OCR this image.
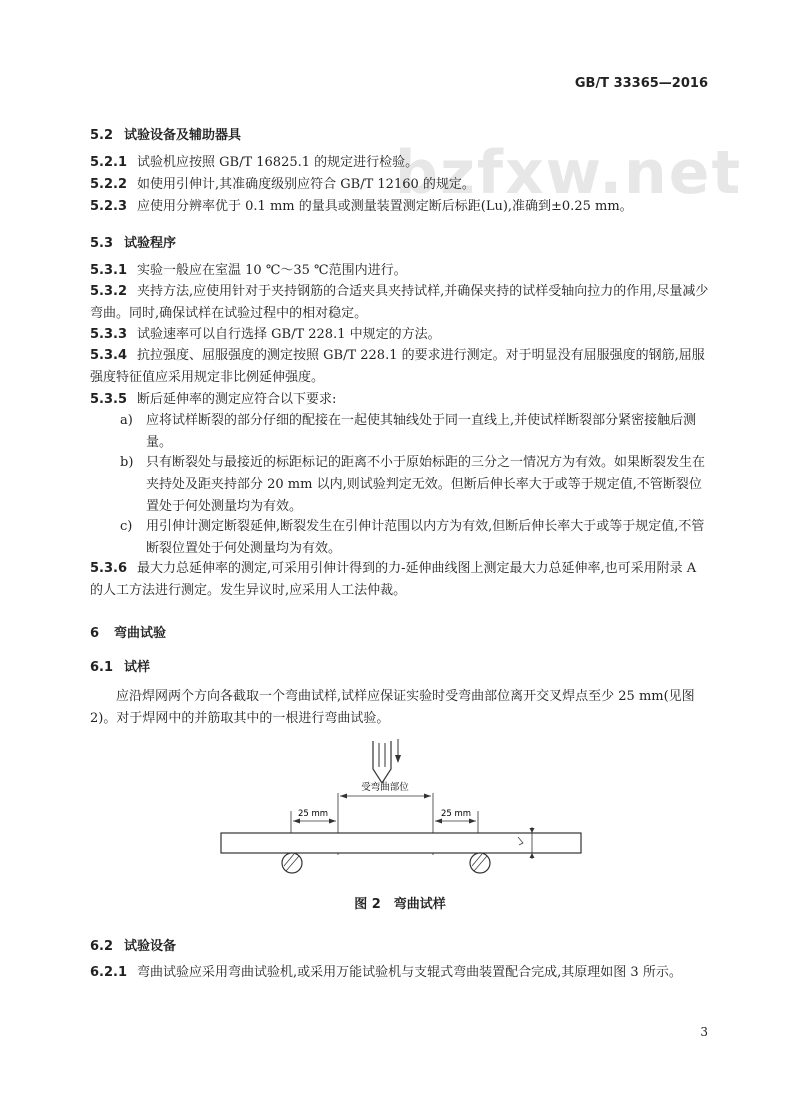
GB/T 33365—2016
bzfxw.net
5.2 试验设备及辅助器具
5.2.1 试验机应按照 GB/T 16825.1 的规定进行检验。
5.2.2 如使用引伸计,其准确度级别应符合 GB/T 12160 的规定。
5.2.3 应使用分辨率优于 0.1 mm 的量具或测量装置测定断后标距(Lu),准确到±0.25 mm。
5.3 试验程序
5.3.1 实验一般应在室温 10 ℃～35 ℃范围内进行。
5.3.2 夹持方法,应使用针对于夹持钢筋的合适夹具夹持试样,并确保夹持的试样受轴向拉力的作用,尽量减少弯曲。同时,确保试样在试验过程中的相对稳定。
5.3.3 试验速率可以自行选择 GB/T 228.1 中规定的方法。
5.3.4 抗拉强度、屈服强度的测定按照 GB/T 228.1 的要求进行测定。对于明显没有屈服强度的钢筋,屈服强度特征值应采用规定非比例延伸强度。
5.3.5 断后延伸率的测定应符合以下要求:
a) 应将试样断裂的部分仔细的配接在一起使其轴线处于同一直线上,并使试样断裂部分紧密接触后测量。
b) 只有断裂处与最接近的标距标记的距离不小于原始标距的三分之一情况方为有效。如果断裂发生在夹持处及距夹持部分 20 mm 以内,则试验判定无效。但断后伸长率大于或等于规定值,不管断裂位置处于何处测量均为有效。
c) 用引伸计测定断裂延伸,断裂发生在引伸计范围以内方为有效,但断后伸长率大于或等于规定值,不管断裂位置处于何处测量均为有效。
5.3.6 最大力总延伸率的测定,可采用引伸计得到的力-延伸曲线图上测定最大力总延伸率,也可采用附录 A 的人工方法进行测定。发生异议时,应采用人工法仲裁。
6 弯曲试验
6.1 试样
应沿焊网两个方向各截取一个弯曲试样,试样应保证实验时受弯曲部位离开交叉焊点至少 25 mm(见图 2)。对于焊网中的并筋取其中的一根进行弯曲试验。
受弯曲部位
25 mm	25 mm
图 2　弯曲试样
6.2 试验设备
6.2.1 弯曲试验应采用弯曲试验机,或采用万能试验机与支辊式弯曲装置配合完成,其原理如图 3 所示。
3
